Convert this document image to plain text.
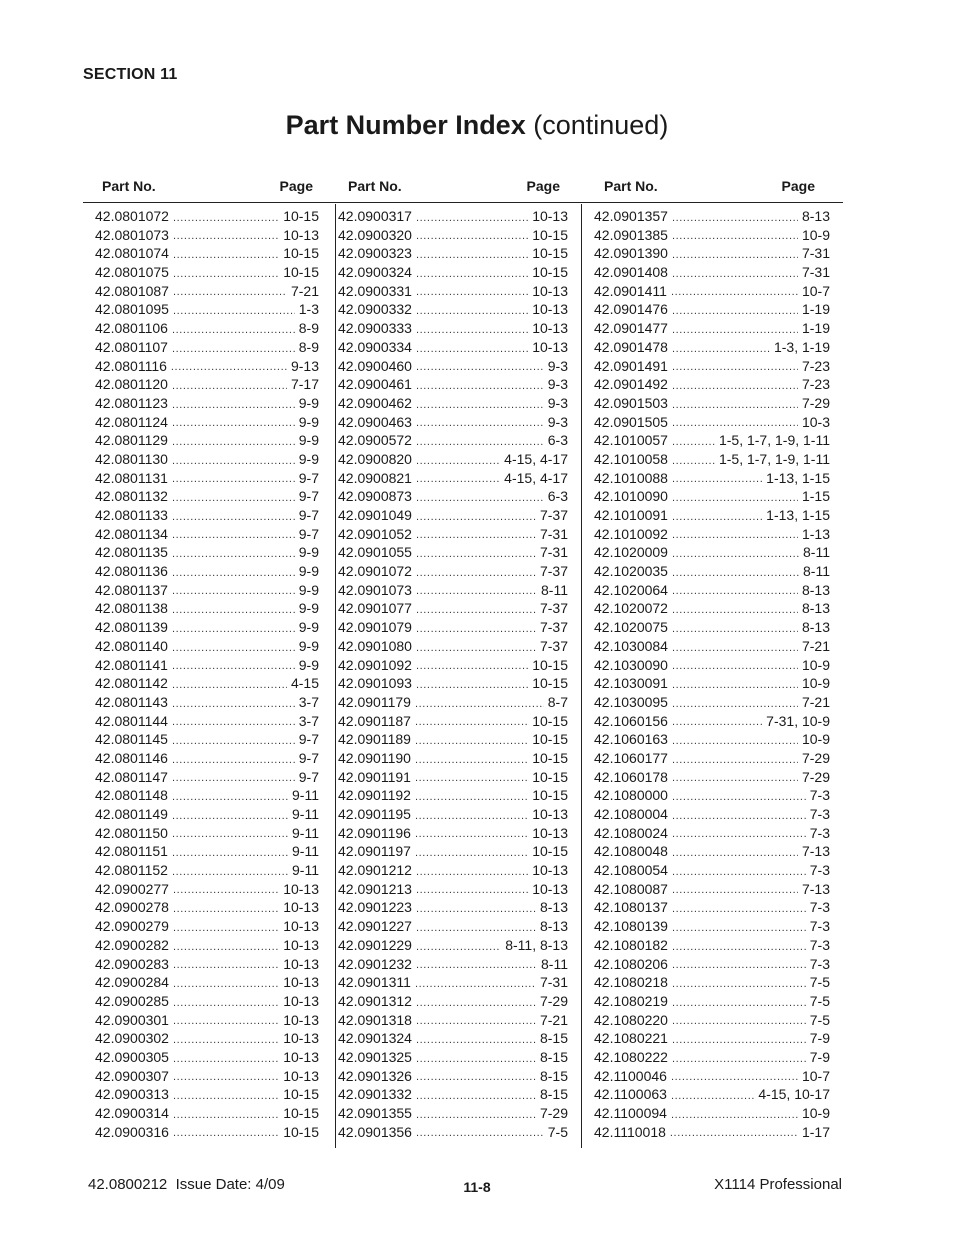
SECTION 11
Part Number Index (continued)
Part No.	Page	Part No.	Page	Part No.	Page
42.0801072 .....	10-15
42.0801073 .....	10-13
42.0801074 .....	10-15
42.0801075 .....	10-15
42.0801087 .....	7-21
42.0801095 .....	1-3
42.0801106 .....	8-9
42.0801107 .....	8-9
42.0801116 .....	9-13
42.0801120 .....	7-17
42.0801123 .....	9-9
42.0801124 .....	9-9
42.0801129 .....	9-9
42.0801130 .....	9-9
42.0801131 .....	9-7
42.0801132 .....	9-7
42.0801133 .....	9-7
42.0801134 .....	9-7
42.0801135 .....	9-9
42.0801136 .....	9-9
42.0801137 .....	9-9
42.0801138 .....	9-9
42.0801139 .....	9-9
42.0801140 .....	9-9
42.0801141 .....	9-9
42.0801142 .....	4-15
42.0801143 .....	3-7
42.0801144 .....	3-7
42.0801145 .....	9-7
42.0801146 .....	9-7
42.0801147 .....	9-7
42.0801148 .....	9-11
42.0801149 .....	9-11
42.0801150 .....	9-11
42.0801151 .....	9-11
42.0801152 .....	9-11
42.0900277 .....	10-13
42.0900278 .....	10-13
42.0900279 .....	10-13
42.0900282 .....	10-13
42.0900283 .....	10-13
42.0900284 .....	10-13
42.0900285 .....	10-13
42.0900301 .....	10-13
42.0900302 .....	10-13
42.0900305 .....	10-13
42.0900307 .....	10-13
42.0900313 .....	10-15
42.0900314 .....	10-15
42.0900316 .....	10-15
42.0900317 .....	10-13
42.0900320 .....	10-15
42.0900323 .....	10-15
42.0900324 .....	10-15
42.0900331 .....	10-13
42.0900332 .....	10-13
42.0900333 .....	10-13
42.0900334 .....	10-13
42.0900460 .....	9-3
42.0900461 .....	9-3
42.0900462 .....	9-3
42.0900463 .....	9-3
42.0900572 .....	6-3
42.0900820 .....	4-15, 4-17
42.0900821 .....	4-15, 4-17
42.0900873 .....	6-3
42.0901049 .....	7-37
42.0901052 .....	7-31
42.0901055 .....	7-31
42.0901072 .....	7-37
42.0901073 .....	8-11
42.0901077 .....	7-37
42.0901079 .....	7-37
42.0901080 .....	7-37
42.0901092 .....	10-15
42.0901093 .....	10-15
42.0901179 .....	8-7
42.0901187 .....	10-15
42.0901189 .....	10-15
42.0901190 .....	10-15
42.0901191 .....	10-15
42.0901192 .....	10-15
42.0901195 .....	10-13
42.0901196 .....	10-13
42.0901197 .....	10-15
42.0901212 .....	10-13
42.0901213 .....	10-13
42.0901223 .....	8-13
42.0901227 .....	8-13
42.0901229 .....	8-11, 8-13
42.0901232 .....	8-11
42.0901311 .....	7-31
42.0901312 .....	7-29
42.0901318 .....	7-21
42.0901324 .....	8-15
42.0901325 .....	8-15
42.0901326 .....	8-15
42.0901332 .....	8-15
42.0901355 .....	7-29
42.0901356 .....	7-5
42.0901357 .....	8-13
42.0901385 .....	10-9
42.0901390 .....	7-31
42.0901408 .....	7-31
42.0901411 .....	10-7
42.0901476 .....	1-19
42.0901477 .....	1-19
42.0901478 .....	1-3, 1-19
42.0901491 .....	7-23
42.0901492 .....	7-23
42.0901503 .....	7-29
42.0901505 .....	10-3
42.1010057 .....	1-5, 1-7, 1-9, 1-11
42.1010058 .....	1-5, 1-7, 1-9, 1-11
42.1010088 .....	1-13, 1-15
42.1010090 .....	1-15
42.1010091 .....	1-13, 1-15
42.1010092 .....	1-13
42.1020009 .....	8-11
42.1020035 .....	8-11
42.1020064 .....	8-13
42.1020072 .....	8-13
42.1020075 .....	8-13
42.1030084 .....	7-21
42.1030090 .....	10-9
42.1030091 .....	10-9
42.1030095 .....	7-21
42.1060156 .....	7-31, 10-9
42.1060163 .....	10-9
42.1060177 .....	7-29
42.1060178 .....	7-29
42.1080000 .....	7-3
42.1080004 .....	7-3
42.1080024 .....	7-3
42.1080048 .....	7-13
42.1080054 .....	7-3
42.1080087 .....	7-13
42.1080137 .....	7-3
42.1080139 .....	7-3
42.1080182 .....	7-3
42.1080206 .....	7-3
42.1080218 .....	7-5
42.1080219 .....	7-5
42.1080220 .....	7-5
42.1080221 .....	7-9
42.1080222 .....	7-9
42.1100046 .....	10-7
42.1100063 .....	4-15, 10-17
42.1100094 .....	10-9
42.1110018 .....	1-17
42.0800212 Issue Date: 4/09	11-8	X1114 Professional
